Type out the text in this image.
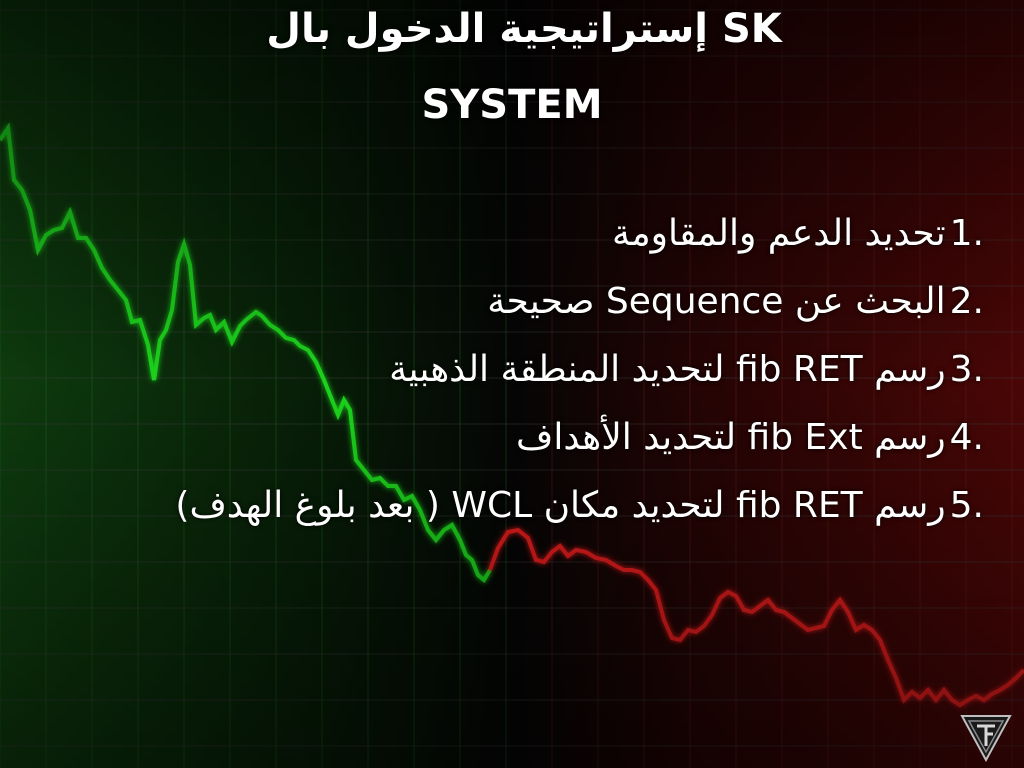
إستراتيجية الدخول بال SK
SYSTEM
1.
تحديد الدعم والمقاومة
2.
البحث عن Sequence صحيحة
3.
رسم fib RET لتحديد المنطقة الذهبية
4.
رسم fib Ext لتحديد الأهداف
5.
رسم fib RET لتحديد مكان WCL ( بعد بلوغ الهدف)
